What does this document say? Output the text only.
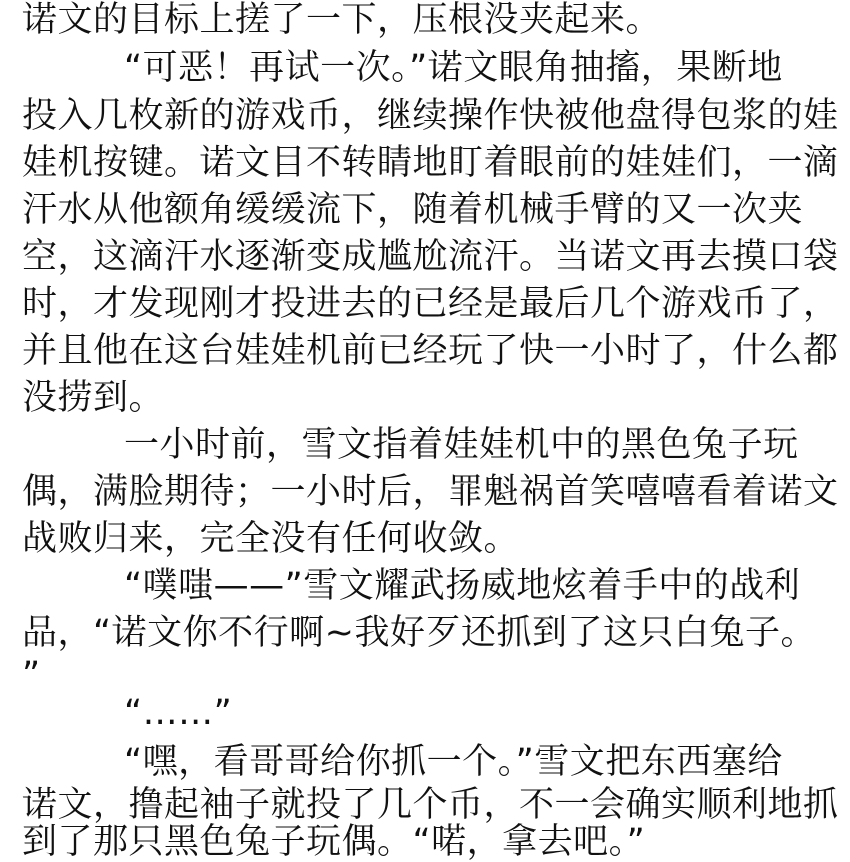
诺文的目标上搓了一下，压根没夹起来。
“可恶！再试一次。”诺文眼角抽搐，果断地
投入几枚新的游戏币，继续操作快被他盘得包浆的娃
娃机按键。诺文目不转睛地盯着眼前的娃娃们，一滴
汗水从他额角缓缓流下，随着机械手臂的又一次夹
空，这滴汗水逐渐变成尴尬流汗。当诺文再去摸口袋
时，才发现刚才投进去的已经是最后几个游戏币了，
并且他在这台娃娃机前已经玩了快一小时了，什么都
没捞到。
一小时前，雪文指着娃娃机中的黑色兔子玩
偶，满脸期待；一小时后，罪魁祸首笑嘻嘻看着诺文
战败归来，完全没有任何收敛。
“噗嗤——”雪文耀武扬威地炫着手中的战利
品，“诺文你不行啊~我好歹还抓到了这只白兔子。
”
“……”
“嘿，看哥哥给你抓一个。”雪文把东西塞给
诺文，撸起袖子就投了几个币，不一会确实顺利地抓
到了那只黑色兔子玩偶。“喏，拿去吧。”
